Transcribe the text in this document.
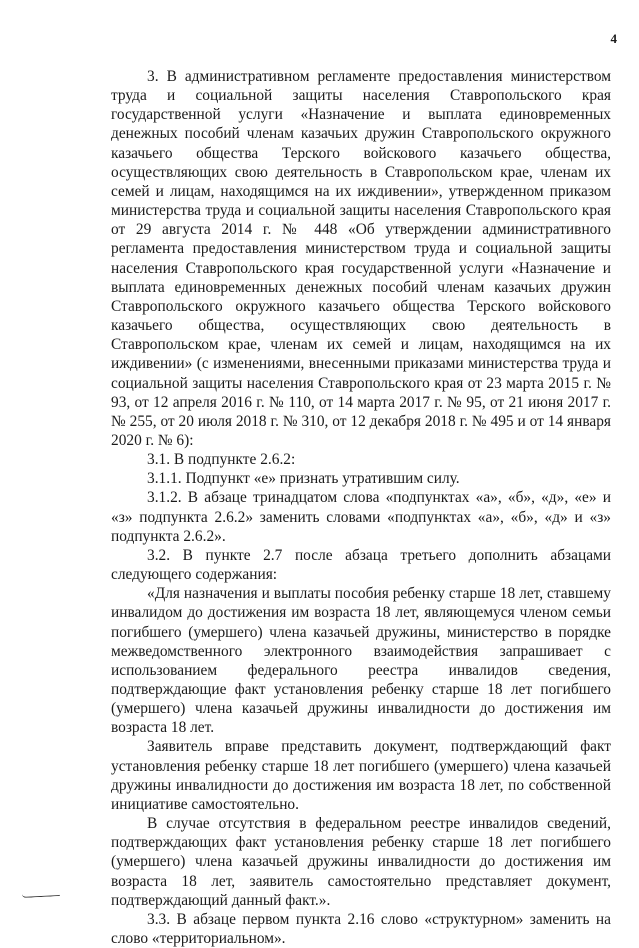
4

3. В административном регламенте предоставления министерством труда и социальной защиты населения Ставропольского края государственной услуги «Назначение и выплата единовременных денежных пособий членам казачьих дружин Ставропольского окружного казачьего общества Терского войскового казачьего общества, осуществляющих свою деятельность в Ставропольском крае, членам их семей и лицам, находящимся на их иждивении», утвержденном приказом министерства труда и социальной защиты населения Ставропольского края от 29 августа 2014 г. № 448 «Об утверждении административного регламента предоставления министерством труда и социальной защиты населения Ставропольского края государственной услуги «Назначение и выплата единовременных денежных пособий членам казачьих дружин Ставропольского окружного казачьего общества Терского войскового казачьего общества, осуществляющих свою деятельность в Ставропольском крае, членам их семей и лицам, находящимся на их иждивении» (с изменениями, внесенными приказами министерства труда и социальной защиты населения Ставропольского края от 23 марта 2015 г. № 93, от 12 апреля 2016 г. № 110, от 14 марта 2017 г. № 95, от 21 июня 2017 г. № 255, от 20 июля 2018 г. № 310, от 12 декабря 2018 г. № 495 и от 14 января 2020 г. № 6):

3.1. В подпункте 2.6.2:

3.1.1. Подпункт «е» признать утратившим силу.

3.1.2. В абзаце тринадцатом слова «подпунктах «а», «б», «д», «е» и «з» подпункта 2.6.2» заменить словами «подпунктах «а», «б», «д» и «з» подпункта 2.6.2».

3.2. В пункте 2.7 после абзаца третьего дополнить абзацами следующего содержания:

«Для назначения и выплаты пособия ребенку старше 18 лет, ставшему инвалидом до достижения им возраста 18 лет, являющемуся членом семьи погибшего (умершего) члена казачьей дружины, министерство в порядке межведомственного электронного взаимодействия запрашивает с использованием федерального реестра инвалидов сведения, подтверждающие факт установления ребенку старше 18 лет погибшего (умершего) члена казачьей дружины инвалидности до достижения им возраста 18 лет.

Заявитель вправе представить документ, подтверждающий факт установления ребенку старше 18 лет погибшего (умершего) члена казачьей дружины инвалидности до достижения им возраста 18 лет, по собственной инициативе самостоятельно.

В случае отсутствия в федеральном реестре инвалидов сведений, подтверждающих факт установления ребенку старше 18 лет погибшего (умершего) члена казачьей дружины инвалидности до достижения им возраста 18 лет, заявитель самостоятельно представляет документ, подтверждающий данный факт.».

3.3. В абзаце первом пункта 2.16 слово «структурном» заменить на слово «территориальном».
